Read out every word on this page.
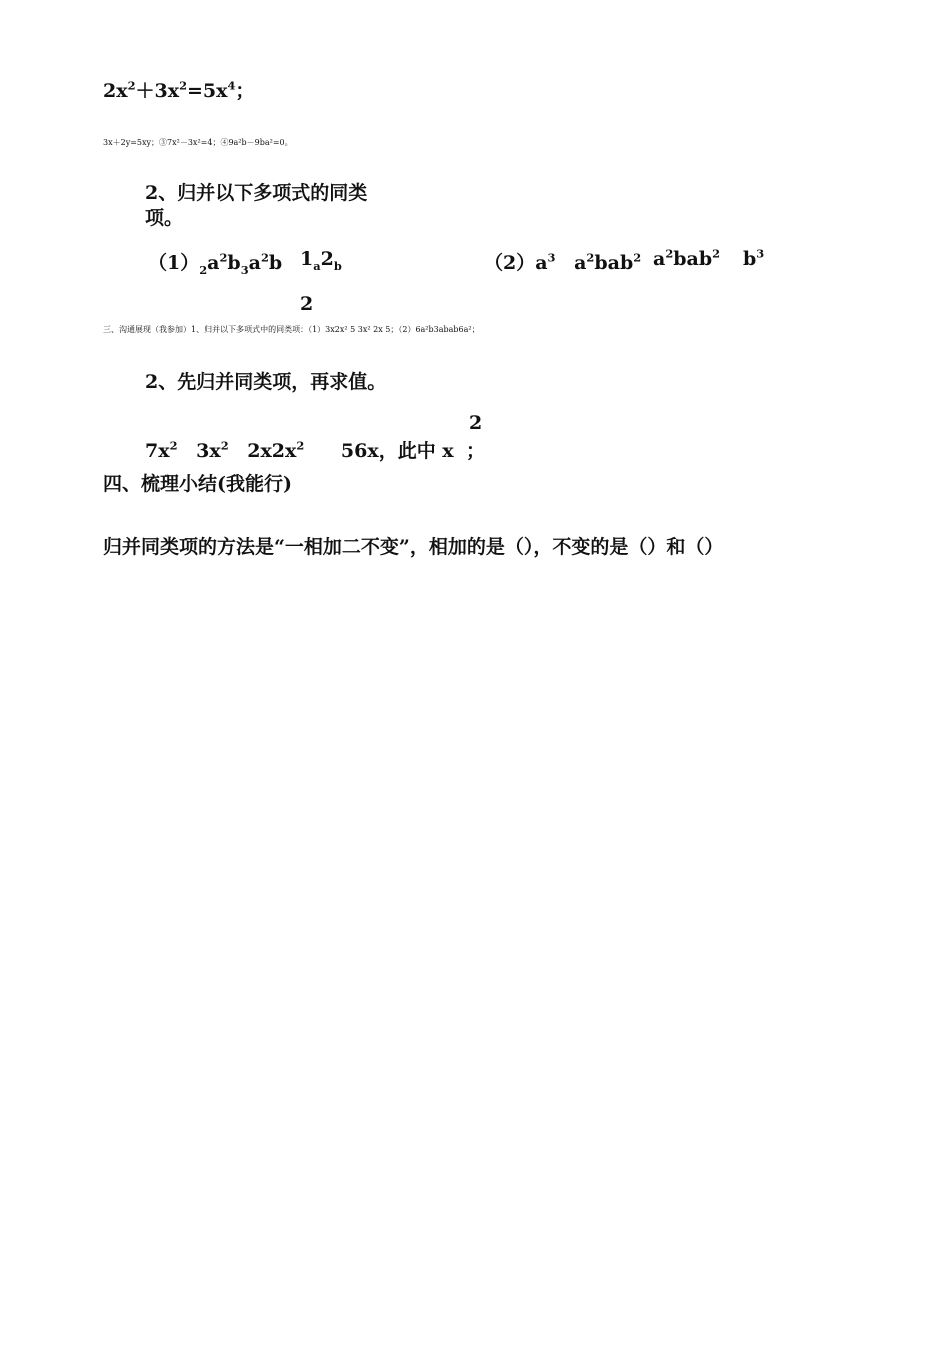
$2x^2+3x^2=5x^4$；
3x＋2y=5xy；③7x²－3x²=4；④9a²b－9ba²=0。
2、归并以下多项式的同类
项。
$(1)_2a^2b_3a^2b$ $1_a2_b$	$(2)a^3$ $a^2bab^2$ $a^2bab^2$ $b^3$
2
三、沟通展现（我参加）1、归并以下多项式中的同类项：（1）3x2x² 5 3x² 2x 5；（2）6a²b3abab6a²；
2、先归并同类项，再求值。
2
$7x^2$ $3x^2$ $2x2x^2$ 56x，此中 x ；
四、梳理小结(我能行)
归并同类项的方法是“一相加二不变”，相加的是（），不变的是（）和（）
